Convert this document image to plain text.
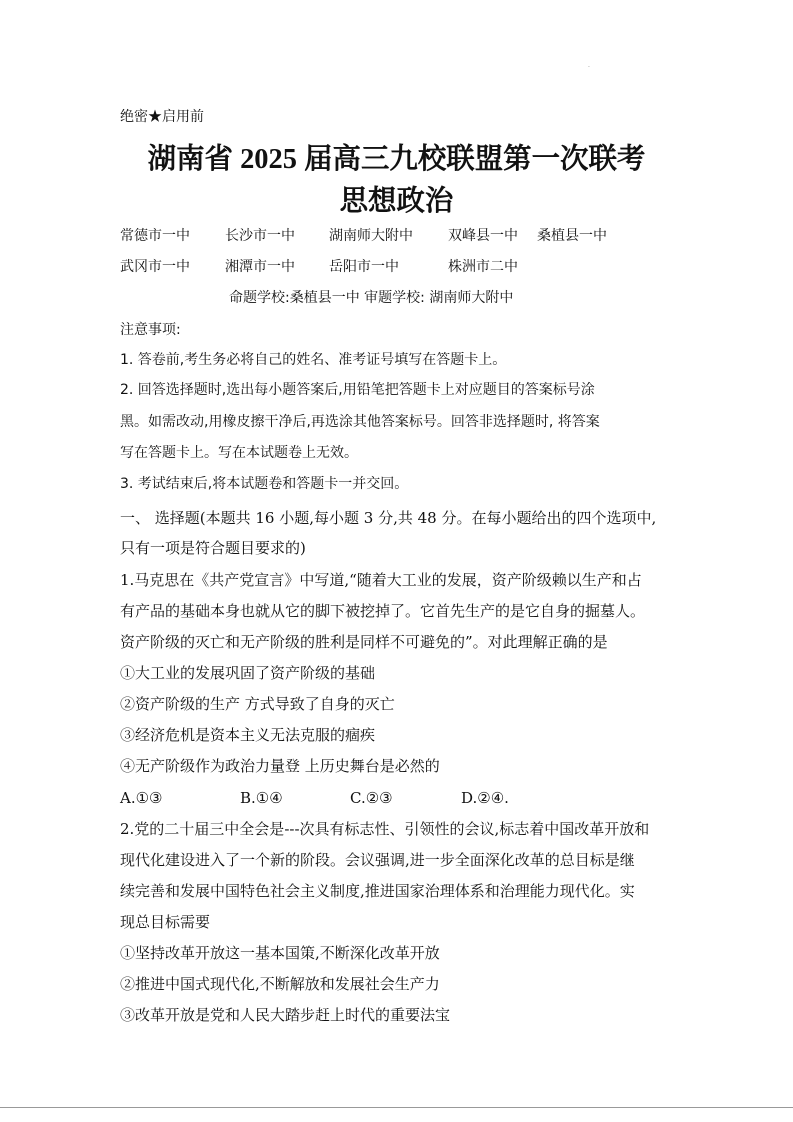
.
绝密★启用前
湖南省 2025 届高三九校联盟第一次联考
思想政治
常德市一中	长沙市一中 湖南师大附中	双峰县一中 桑植县一中
武冈市一中	湘潭市一中 岳阳市一中	株洲市二中
命题学校:桑植县一中 审题学校: 湖南师大附中
注意事项:
1. 答卷前,考生务必将自己的姓名、准考证号填写在答题卡上。
2. 回答选择题时,选出每小题答案后,用铅笔把答题卡上对应题目的答案标号涂
黑。如需改动,用橡皮擦干净后,再选涂其他答案标号。回答非选择题时, 将答案
写在答题卡上。写在本试题卷上无效。
3. 考试结束后,将本试题卷和答题卡一并交回。
一、 选择题(本题共 16 小题,每小题 3 分,共 48 分。在每小题给出的四个选项中,
只有一项是符合题目要求的)
1.马克思在《共产党宣言》中写道,“随着大工业的发展，资产阶级赖以生产和占
有产品的基础本身也就从它的脚下被挖掉了。它首先生产的是它自身的掘墓人。
资产阶级的灭亡和无产阶级的胜利是同样不可避免的”。对此理解正确的是
①大工业的发展巩固了资产阶级的基础
②资产阶级的生产 方式导致了自身的灭亡
③经济危机是资本主义无法克服的痼疾
④无产阶级作为政治力量登 上历史舞台是必然的
A.①③	B.①④	C.②③	D.②④.
2.党的二十届三中全会是---次具有标志性、引领性的会议,标志着中国改革开放和
现代化建设进入了一个新的阶段。会议强调,进一步全面深化改革的总目标是继
续完善和发展中国特色社会主义制度,推进国家治理体系和治理能力现代化。实
现总目标需要
①坚持改革开放这一基本国策,不断深化改革开放
②推进中国式现代化,不断解放和发展社会生产力
③改革开放是党和人民大踏步赶上时代的重要法宝
